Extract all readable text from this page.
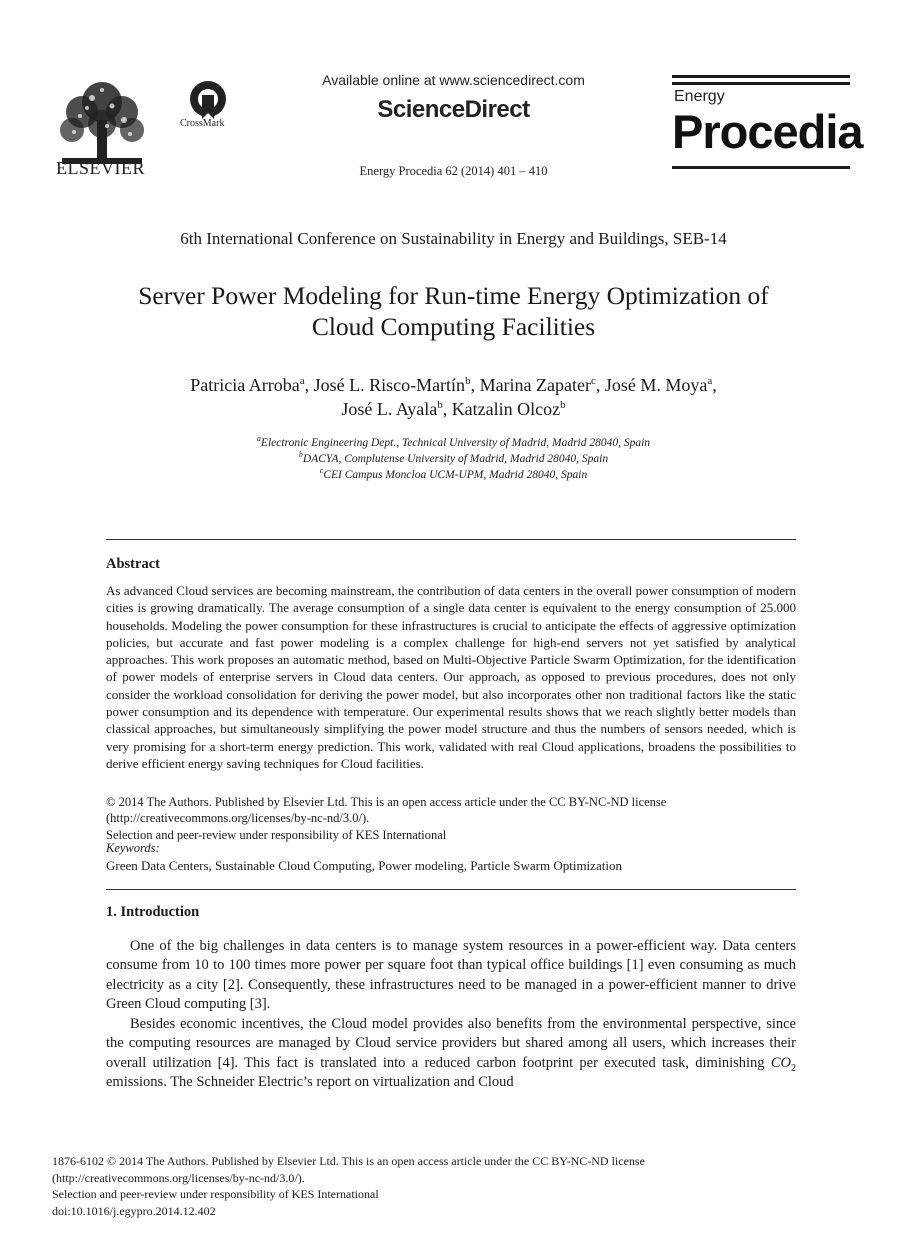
ELSEVIER
CrossMark
Available online at www.sciencedirect.com
ScienceDirect
Energy Procedia 62 (2014) 401 – 410
Energy
Procedia
6th International Conference on Sustainability in Energy and Buildings, SEB-14
Server Power Modeling for Run-time Energy Optimization of
Cloud Computing Facilities
Patricia Arroba$^a$, José L. Risco-Martín$^b$, Marina Zapater$^c$, José M. Moya$^a$,
José L. Ayala$^b$, Katzalin Olcoz$^b$
$^a$Electronic Engineering Dept., Technical University of Madrid, Madrid 28040, Spain
$^b$DACYA, Complutense University of Madrid, Madrid 28040, Spain
$^c$CEI Campus Moncloa UCM-UPM, Madrid 28040, Spain
Abstract
As advanced Cloud services are becoming mainstream, the contribution of data centers in the overall power consumption of modern cities is growing dramatically. The average consumption of a single data center is equivalent to the energy consumption of 25.000 households. Modeling the power consumption for these infrastructures is crucial to anticipate the effects of aggressive optimization policies, but accurate and fast power modeling is a complex challenge for high-end servers not yet satisfied by analytical approaches. This work proposes an automatic method, based on Multi-Objective Particle Swarm Optimization, for the identification of power models of enterprise servers in Cloud data centers. Our approach, as opposed to previous procedures, does not only consider the workload consolidation for deriving the power model, but also incorporates other non traditional factors like the static power consumption and its dependence with temperature. Our experimental results shows that we reach slightly better models than classical approaches, but simultaneously simplifying the power model structure and thus the numbers of sensors needed, which is very promising for a short-term energy prediction. This work, validated with real Cloud applications, broadens the possibilities to derive efficient energy saving techniques for Cloud facilities.
© 2014 The Authors. Published by Elsevier Ltd. This is an open access article under the CC BY-NC-ND license
(http://creativecommons.org/licenses/by-nc-nd/3.0/).
Selection and peer-review under responsibility of KES International
Keywords:
Green Data Centers, Sustainable Cloud Computing, Power modeling, Particle Swarm Optimization
1. Introduction
One of the big challenges in data centers is to manage system resources in a power-efficient way. Data centers consume from 10 to 100 times more power per square foot than typical office buildings [1] even consuming as much electricity as a city [2]. Consequently, these infrastructures need to be managed in a power-efficient manner to drive Green Cloud computing [3].
Besides economic incentives, the Cloud model provides also benefits from the environmental perspective, since the computing resources are managed by Cloud service providers but shared among all users, which increases their overall utilization [4]. This fact is translated into a reduced carbon footprint per executed task, diminishing $CO_2$ emissions. The Schneider Electric’s report on virtualization and Cloud
1876-6102 © 2014 The Authors. Published by Elsevier Ltd. This is an open access article under the CC BY-NC-ND license
(http://creativecommons.org/licenses/by-nc-nd/3.0/).
Selection and peer-review under responsibility of KES International
doi:10.1016/j.egypro.2014.12.402
